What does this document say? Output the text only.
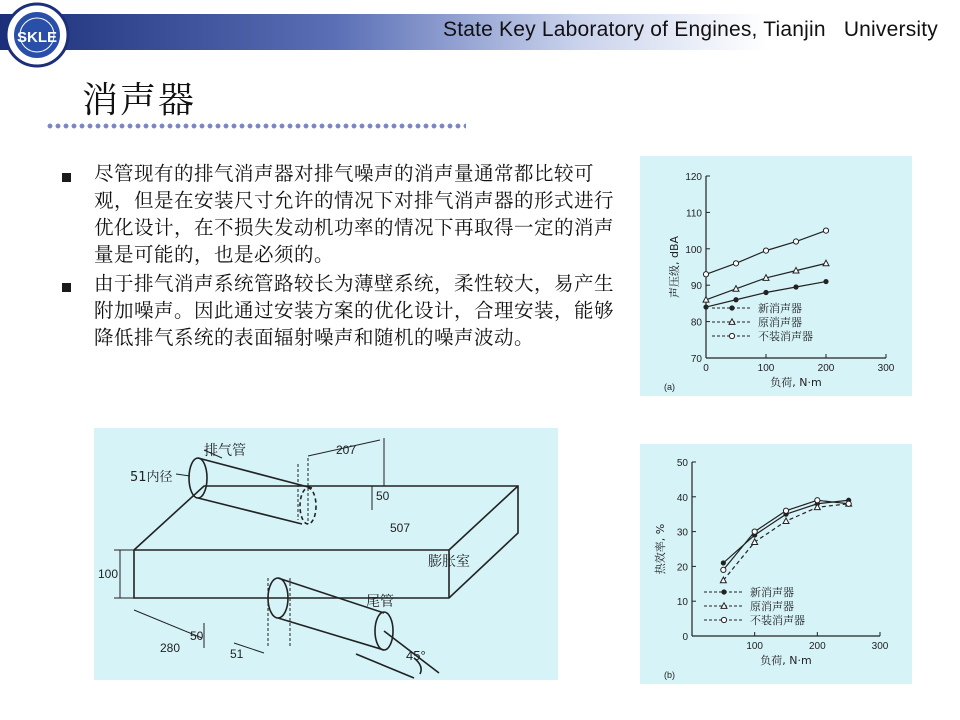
SKLE	State Key Laboratory of Engines, Tianjin   University
消声器
尽管现有的排气消声器对排气噪声的消声量通常都比较可观，但是在安装尺寸允许的情况下对排气消声器的形式进行优化设计，在不损失发动机功率的情况下再取得一定的消声量是可能的，也是必须的。
由于排气消声系统管路较长为薄壁系统，柔性较大，易产生附加噪声。因此通过安装方案的优化设计，合理安装，能够降低排气系统的表面辐射噪声和随机的噪声波动。
排气管
51内径
207
50
507
膨胀室
100
尾管
280
50
51	45°
70
80
90
100
110
120
0	100	200	300
负荷, N·m
声压级, dBA
(a)
新消声器
原消声器
不装消声器
0
10
20
30
40
50
100	200	300
负荷, N·m
热效率, %
(b)
新消声器
原消声器
不装消声器
